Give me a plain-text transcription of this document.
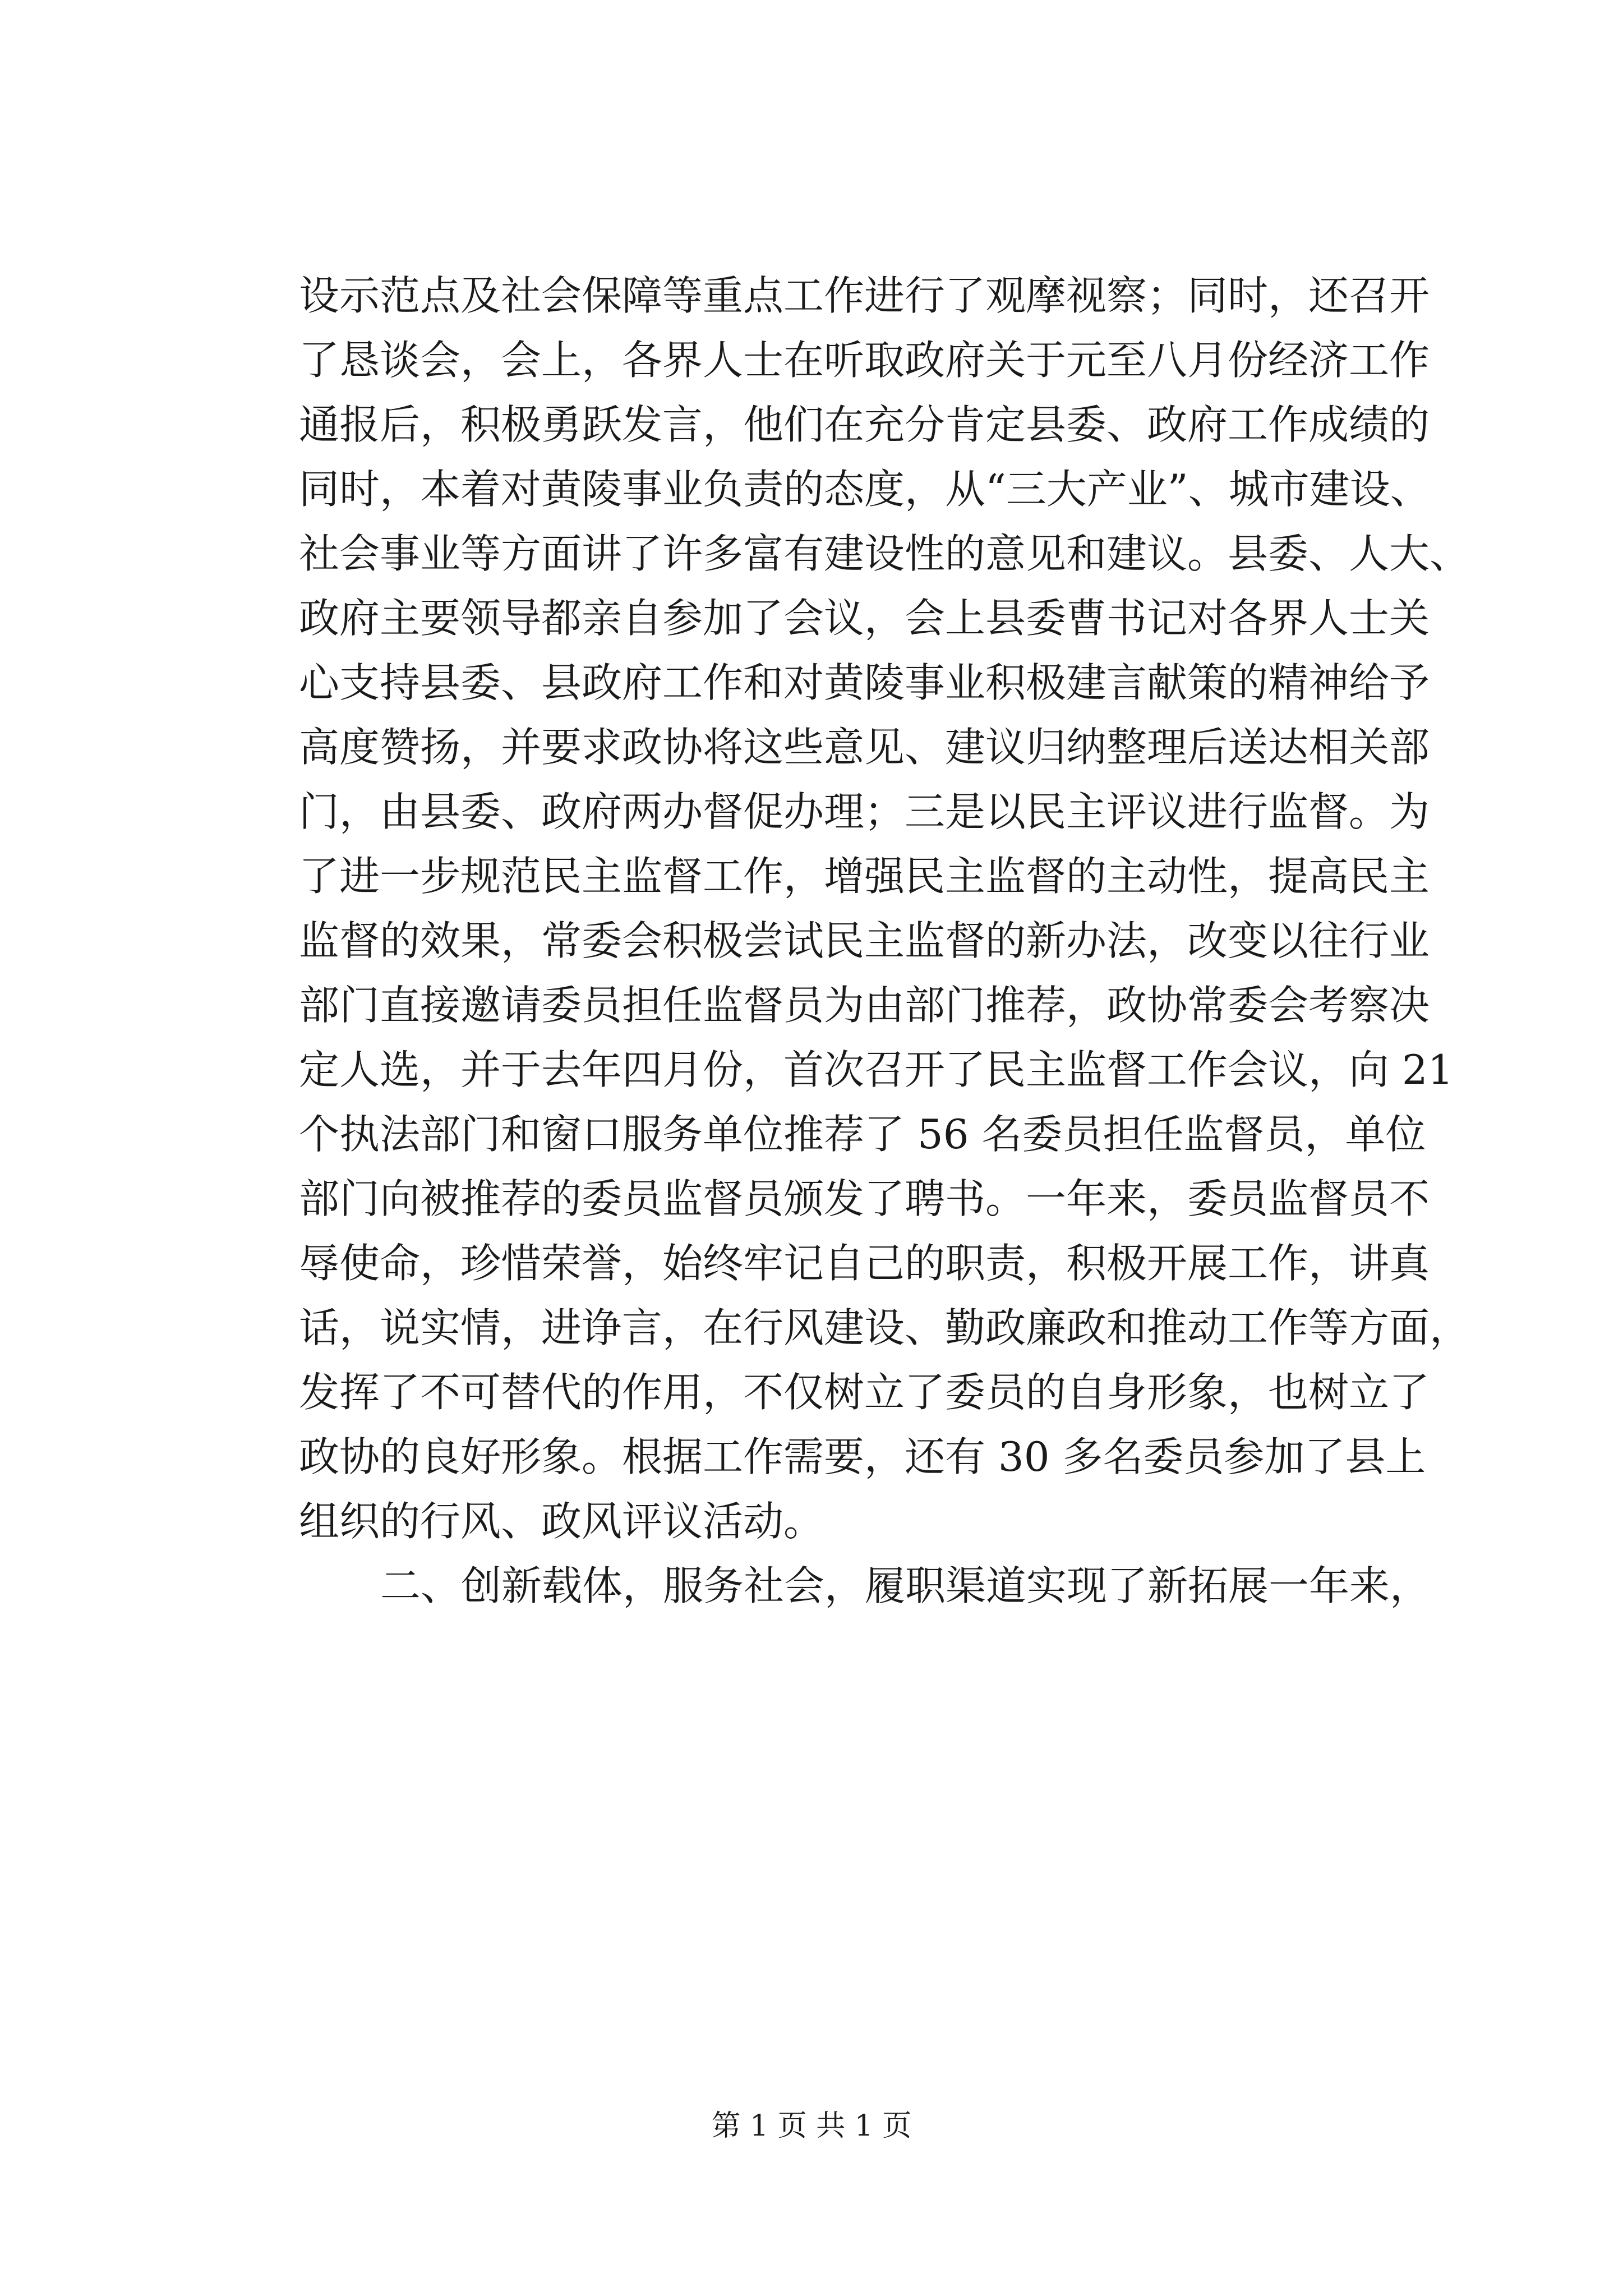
设示范点及社会保障等重点工作进行了观摩视察；同时，还召开
了恳谈会，会上，各界人士在听取政府关于元至八月份经济工作
通报后，积极勇跃发言，他们在充分肯定县委、政府工作成绩的
同时，本着对黄陵事业负责的态度，从“三大产业”、城市建设、
社会事业等方面讲了许多富有建设性的意见和建议。县委、人大、
政府主要领导都亲自参加了会议，会上县委曹书记对各界人士关
心支持县委、县政府工作和对黄陵事业积极建言献策的精神给予
高度赞扬，并要求政协将这些意见、建议归纳整理后送达相关部
门，由县委、政府两办督促办理；三是以民主评议进行监督。为
了进一步规范民主监督工作，增强民主监督的主动性，提高民主
监督的效果，常委会积极尝试民主监督的新办法，改变以往行业
部门直接邀请委员担任监督员为由部门推荐，政协常委会考察决
定人选，并于去年四月份，首次召开了民主监督工作会议，向 21
个执法部门和窗口服务单位推荐了 56 名委员担任监督员，单位
部门向被推荐的委员监督员颁发了聘书。一年来，委员监督员不
辱使命，珍惜荣誉，始终牢记自己的职责，积极开展工作，讲真
话，说实情，进诤言，在行风建设、勤政廉政和推动工作等方面，
发挥了不可替代的作用，不仅树立了委员的自身形象，也树立了
政协的良好形象。根据工作需要，还有 30 多名委员参加了县上
组织的行风、政风评议活动。
二、创新载体，服务社会，履职渠道实现了新拓展一年来，
第 1 页 共 1 页
